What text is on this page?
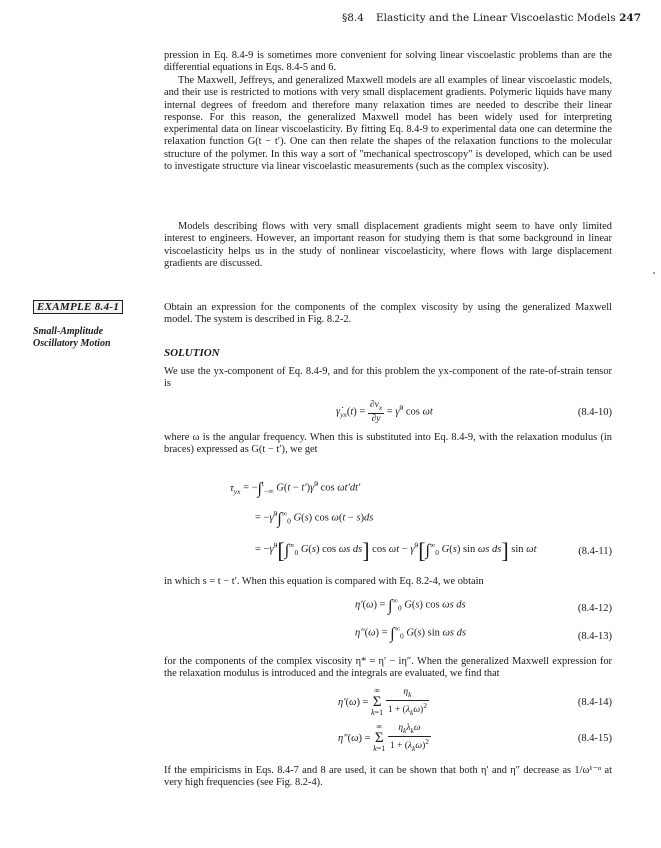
§8.4 Elasticity and the Linear Viscoelastic Models 247

pression in Eq. 8.4-9 is sometimes more convenient for solving linear viscoelastic problems than are the differential equations in Eqs. 8.4-5 and 6.

The Maxwell, Jeffreys, and generalized Maxwell models are all examples of linear viscoelastic models, and their use is restricted to motions with very small displacement gradients. Polymeric liquids have many internal degrees of freedom and therefore many relaxation times are needed to describe their linear response. For this reason, the generalized Maxwell model has been widely used for interpreting experimental data on linear viscoelasticity. By fitting Eq. 8.4-9 to experimental data one can determine the relaxation function G(t − t′). One can then relate the shapes of the relaxation functions to the molecular structure of the polymer. In this way a sort of "mechanical spectroscopy" is developed, which can be used to investigate structure via linear viscoelastic measurements (such as the complex viscosity).

Models describing flows with very small displacement gradients might seem to have only limited interest to engineers. However, an important reason for studying them is that some background in linear viscoelasticity helps us in the study of nonlinear viscoelasticity, where flows with large displacement gradients are discussed.

EXAMPLE 8.4-1
Small-Amplitude
Oscillatory Motion

Obtain an expression for the components of the complex viscosity by using the generalized Maxwell model. The system is described in Fig. 8.2-2.

SOLUTION

We use the yx-component of Eq. 8.4-9, and for this problem the yx-component of the rate-of-strain tensor is

$\gammȧ_{yx}(t) = \frac{\partial v_x}{\partial y}$ = γ̇$^0$ cos ωt	(8.4-10)

where ω is the angular frequency. When this is substituted into Eq. 8.4-9, with the relaxation modulus (in braces) expressed as G(t − t′), we get

$\tau_{yx} = -\int^t_{-\infty}$ G(t − t′)γ̇$^0$ cos ωt′dt′
= $-\gammȧ^0\int^\infty_0$ G(s) cos ω(t − s)ds
= $-\gammȧ^0[\int^\infty_0$ G(s) cos ωs ds] $\cos \omega t - \gammȧ^0[\int^\infty_0$ G(s) sin ωs ds] sin ωt	(8.4-11)

in which s = t − t′. When this equation is compared with Eq. 8.2-4, we obtain

$\eta'(\omega) = \int^\infty_0$ G(s) cos ωs ds	(8.4-12)
$\eta''(\omega) = \int^\infty_0$ G(s) sin ωs ds	(8.4-13)

for the components of the complex viscosity η* = η′ − iη″. When the generalized Maxwell expression for the relaxation modulus is introduced and the integrals are evaluated, we find that

η′(ω) = ∞
Σ
$k=1 \frac{\eta_k}{1 + (\lambda_k\omega)^2}$	(8.4-14)
η″(ω) = ∞
Σ
$k=1 \frac{\eta_k\lambda_k\omega}{1 + (\lambda_k\omega)^2}$	(8.4-15)

If the empiricisms in Eqs. 8.4-7 and 8 are used, it can be shown that both η′ and η″ decrease as 1/ω¹⁻ᵅ at very high frequencies (see Fig. 8.2-4).
